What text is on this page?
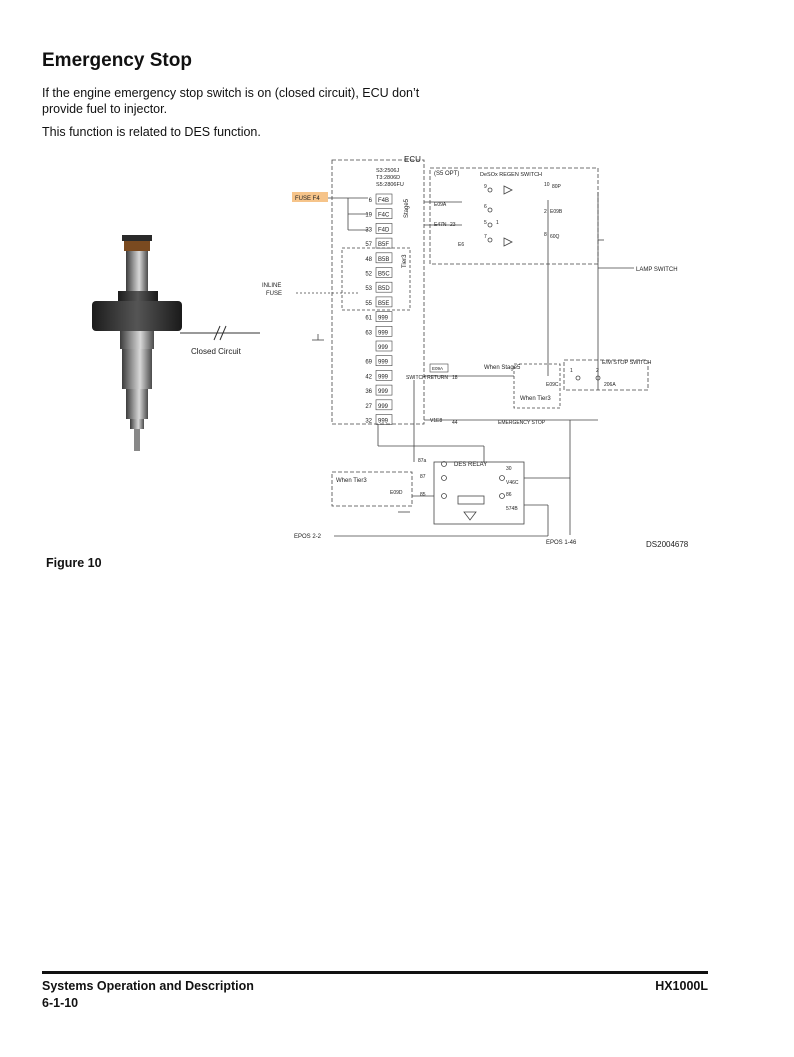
Emergency Stop
If the engine emergency stop switch is on (closed circuit), ECU don’t provide fuel to injector.
This function is related to DES function.
Closed Circuit
ECU
S3:2506J
T3:2806D
S5:2806FU
FUSE F4
INLINE
FUSE
6 F4B
19 F4C
33 F4D
57 B5F
48 B5B
52 B5C
53 B5D
55 B5E
61 999
63 999
999
69 999
42 999
36 999
27 999
32 999
Stage5
Tier3
(S5 OPT)	DeSOx REGEN SWITCH
9	10 80P
6
2 E09B
5 1
7	8 60Q
E09A
E47N 23
E6
LAMP SWITCH
E09A
SWITCH RETURN 18
When Stage5
When Tier3
E/M STOP SWITCH
1	2
E09C	206A
V1E8 44	EMERGENCY STOP
DES RELAY
87a
87
85
30
86
E09D
V46C
574B
When Tier3
EPOS 2-2
EPOS 1-46	DS2004678
Figure 10
Systems Operation and Description
6-1-10
HX1000L
